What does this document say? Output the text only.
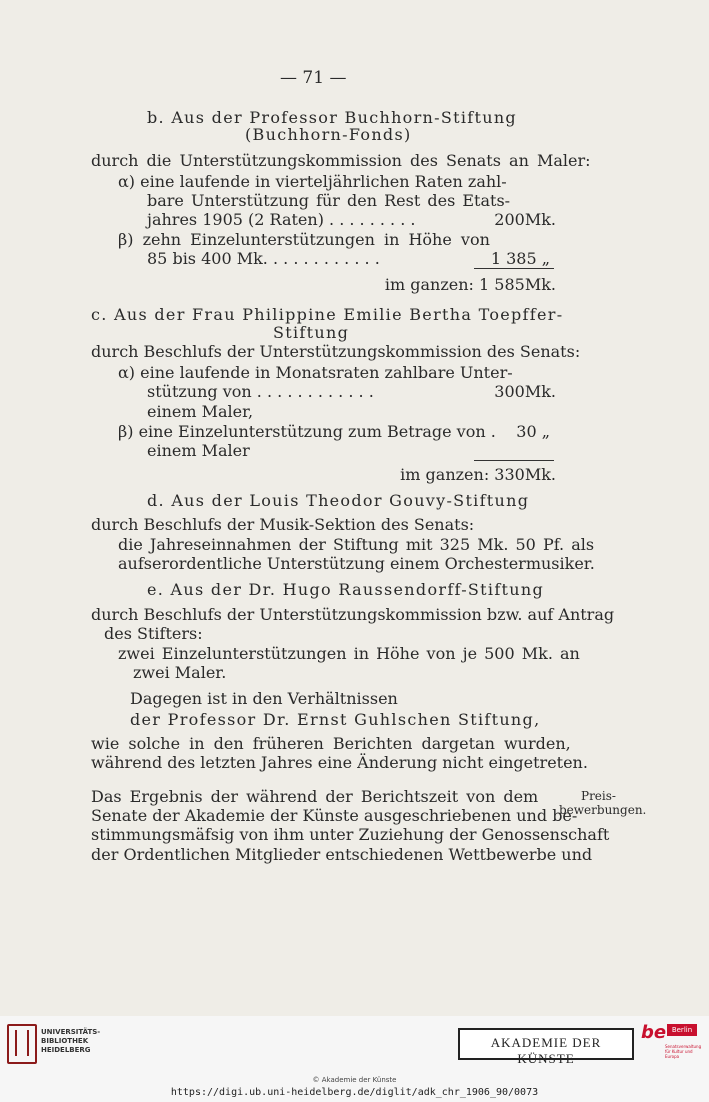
— 71 —
b. Aus der Professor Buchhorn-Stiftung
(Buchhorn-Fonds)
durch die Unterstützungskommission des Senats an Maler:
α) eine laufende in vierteljährlichen Raten zahl-
bare Unterstützung für den Rest des Etats-
jahres 1905 (2 Raten) . . . . . . . . .	200Mk.
β) zehn Einzelunterstützungen in Höhe von
85 bis 400 Mk. . . . . . . . . . . .	1 385 „
im ganzen: 1 585Mk.
c. Aus der Frau Philippine Emilie Bertha Toepffer-
Stiftung
durch Beschlufs der Unterstützungskommission des Senats:
α) eine laufende in Monatsraten zahlbare Unter-
stützung von . . . . . . . . . . . .	300Mk.
einem Maler,
β) eine Einzelunterstützung zum Betrage von .	30 „
einem Maler
im ganzen: 330Mk.
d. Aus der Louis Theodor Gouvy-Stiftung
durch Beschlufs der Musik-Sektion des Senats:
die Jahreseinnahmen der Stiftung mit 325 Mk. 50 Pf. als
aufserordentliche Unterstützung einem Orchestermusiker.
e. Aus der Dr. Hugo Raussendorff-Stiftung
durch Beschlufs der Unterstützungskommission bzw. auf Antrag
des Stifters:
zwei Einzelunterstützungen in Höhe von je 500 Mk. an
zwei Maler.
Dagegen ist in den Verhältnissen
der Professor Dr. Ernst Guhlschen Stiftung,
wie solche in den früheren Berichten dargetan wurden,
während des letzten Jahres eine Änderung nicht eingetreten.
Das Ergebnis der während der Berichtszeit von dem
Senate der Akademie der Künste ausgeschriebenen und be-
stimmungsmäfsig von ihm unter Zuziehung der Genossenschaft
der Ordentlichen Mitglieder entschiedenen Wettbewerbe und
Preis-
bewerbungen.
UNIVERSITÄTS-
BIBLIOTHEK
HEIDELBERG	AKADEMIE DER KÜNSTE
be Berlin
Senatsverwaltung für Kultur und Europa
© Akademie der Künste
https://digi.ub.uni-heidelberg.de/diglit/adk_chr_1906_90/0073
